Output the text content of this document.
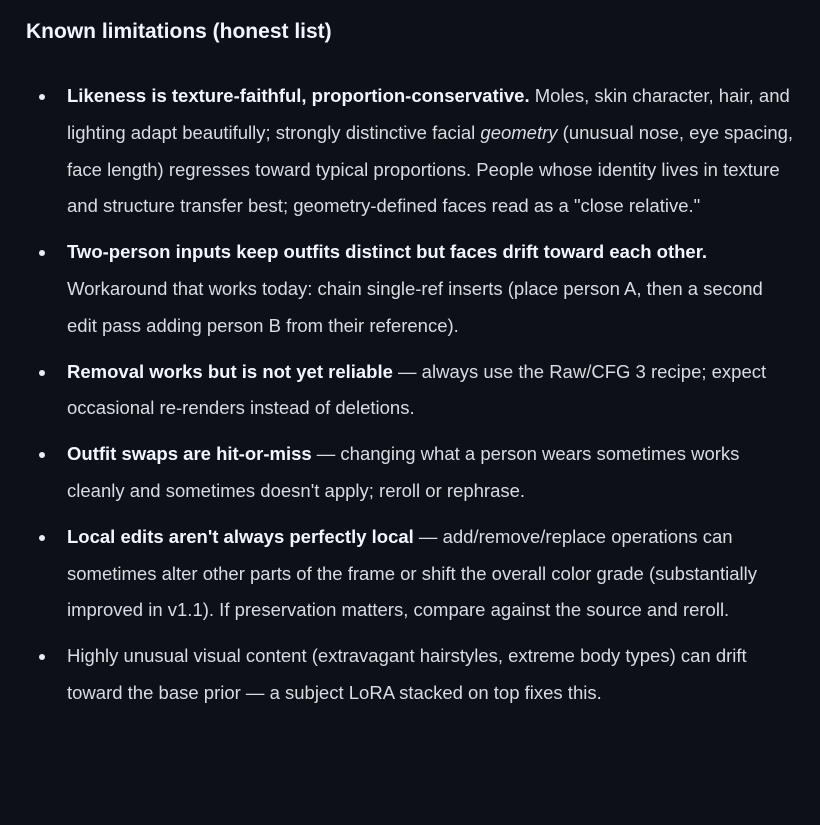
Known limitations (honest list)
Likeness is texture-faithful, proportion-conservative. Moles, skin character, hair, and lighting adapt beautifully; strongly distinctive facial geometry (unusual nose, eye spacing, face length) regresses toward typical proportions. People whose identity lives in texture and structure transfer best; geometry-defined faces read as a "close relative."
Two-person inputs keep outfits distinct but faces drift toward each other. Workaround that works today: chain single-ref inserts (place person A, then a second edit pass adding person B from their reference).
Removal works but is not yet reliable — always use the Raw/CFG 3 recipe; expect occasional re-renders instead of deletions.
Outfit swaps are hit-or-miss — changing what a person wears sometimes works cleanly and sometimes doesn't apply; reroll or rephrase.
Local edits aren't always perfectly local — add/remove/replace operations can sometimes alter other parts of the frame or shift the overall color grade (substantially improved in v1.1). If preservation matters, compare against the source and reroll.
Highly unusual visual content (extravagant hairstyles, extreme body types) can drift toward the base prior — a subject LoRA stacked on top fixes this.
